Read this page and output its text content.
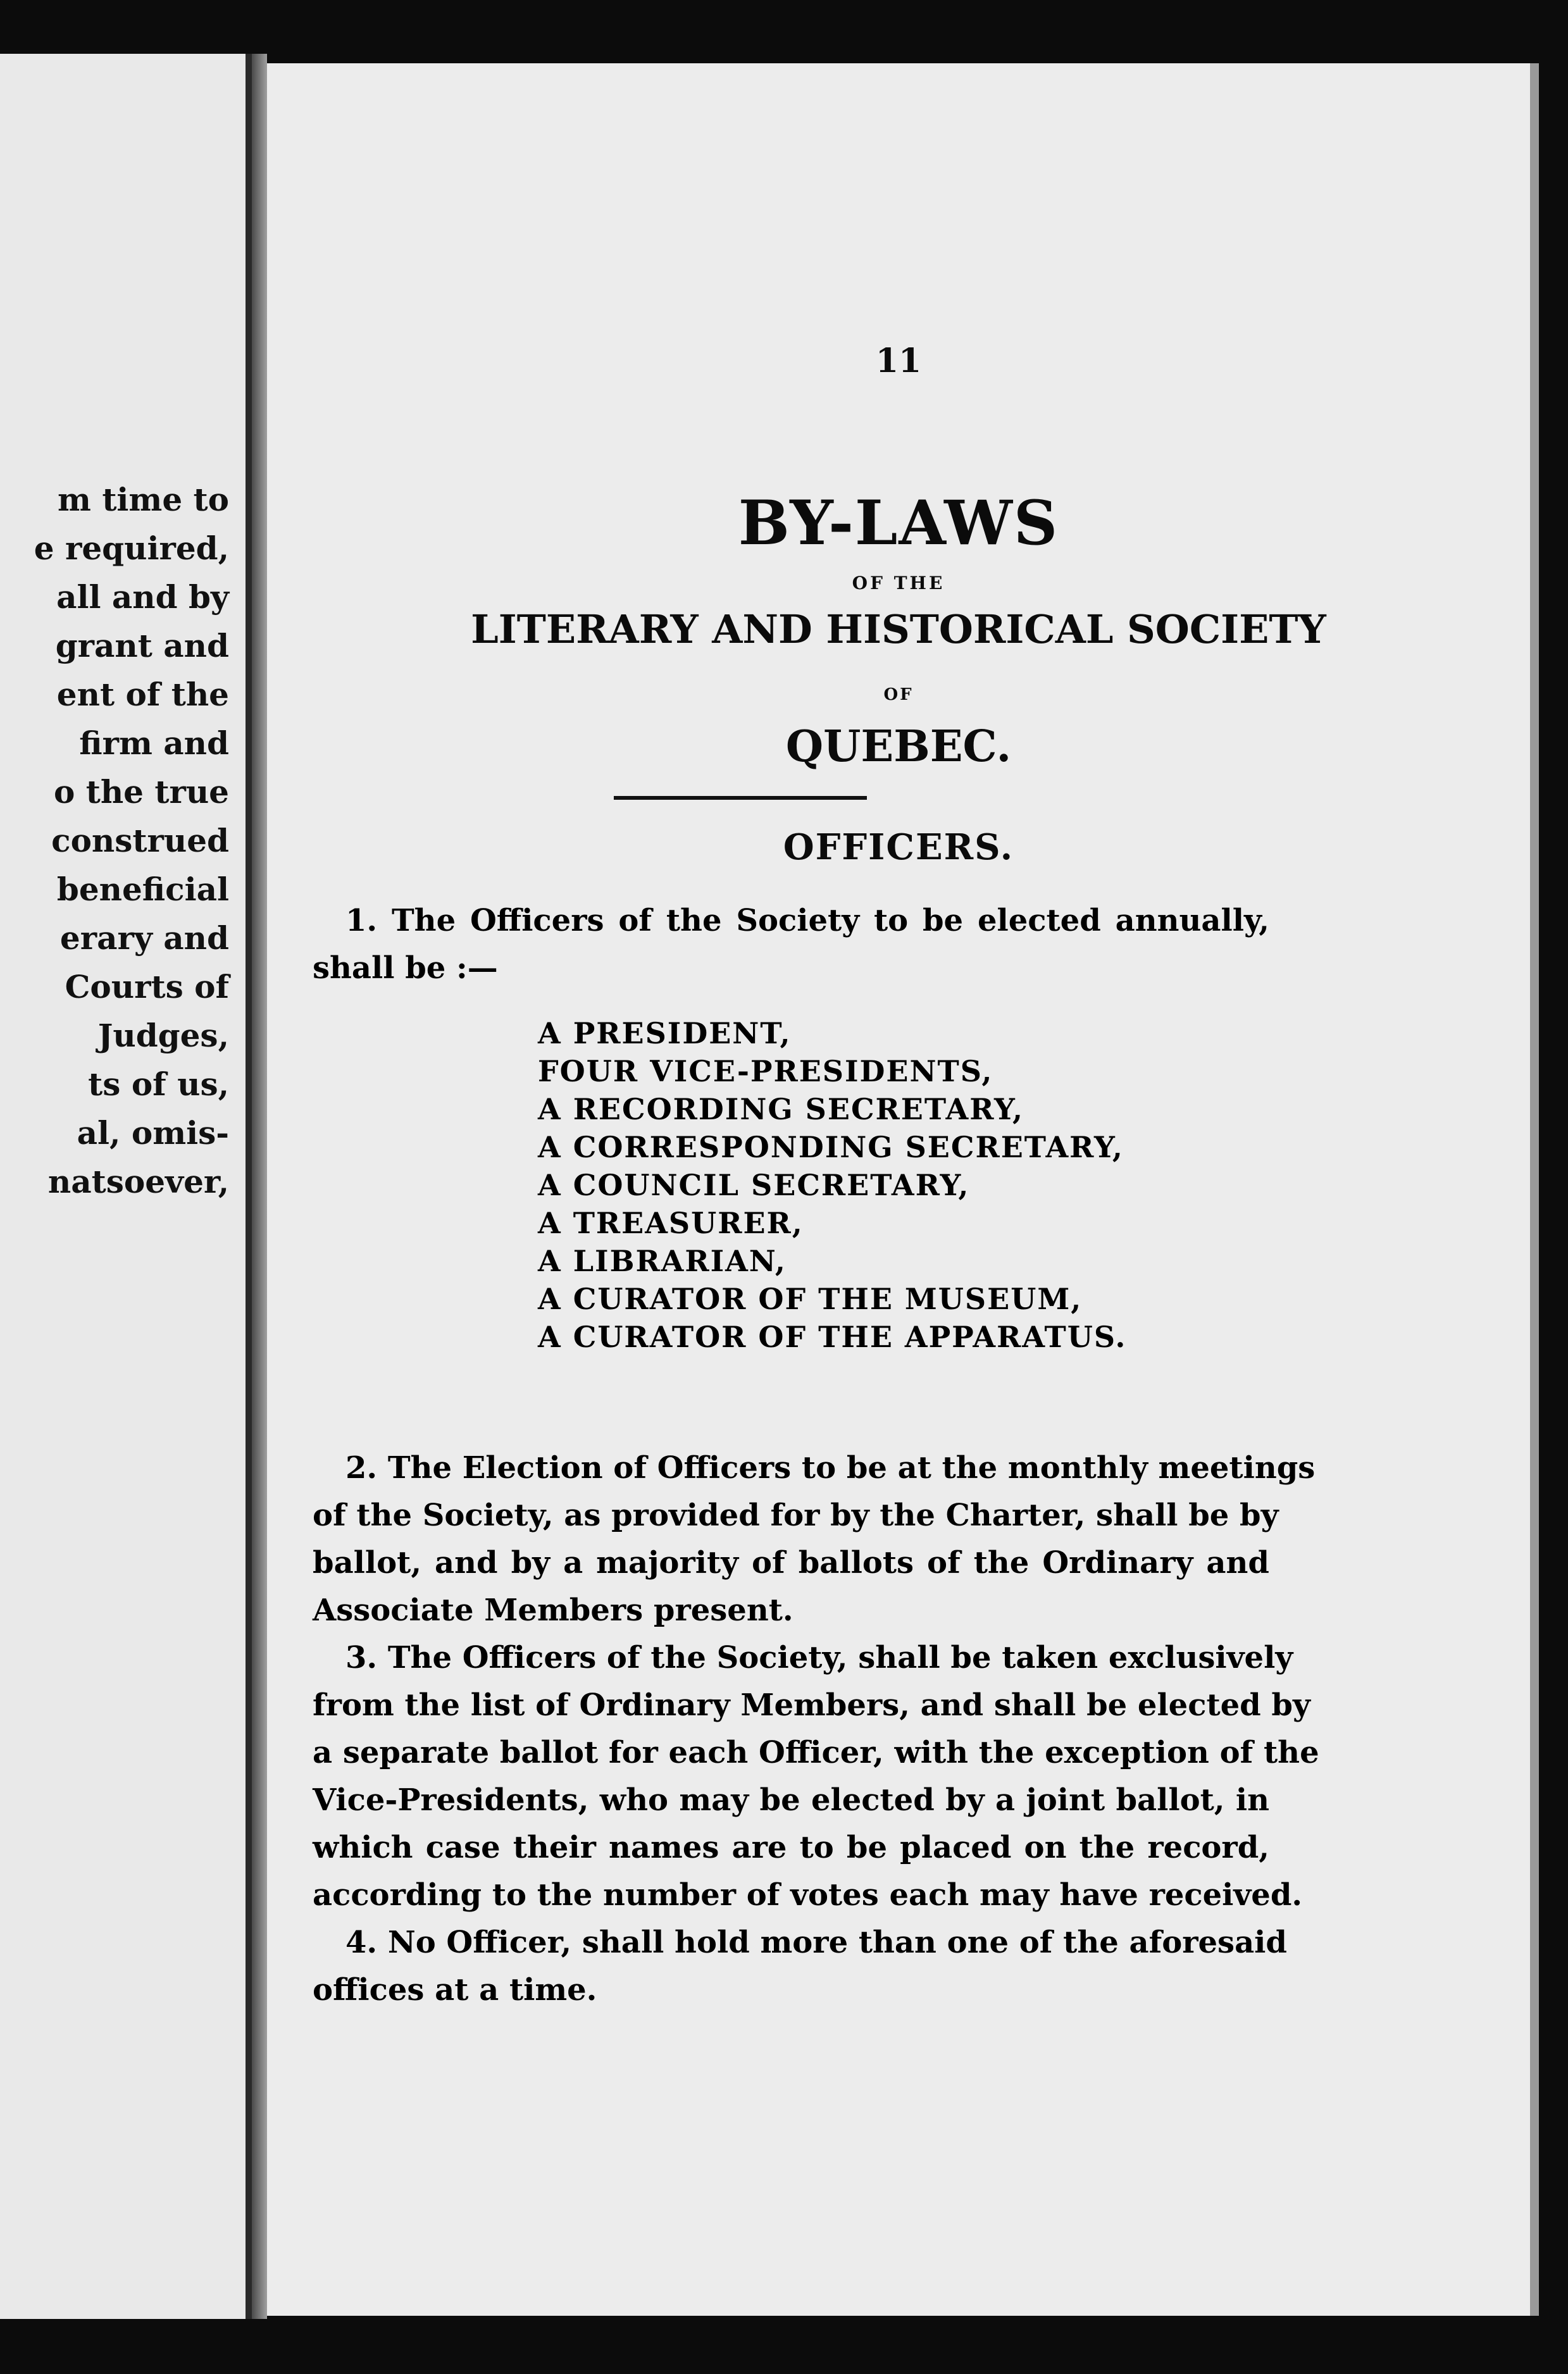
m time to
e required,
all and by
grant and
ent of the
firm and
o the true
construed
beneficial
erary and
Courts of
Judges,
ts of us,
al, omis-
natsoever,
11
BY-LAWS
OF THE
LITERARY AND HISTORICAL SOCIETY
OF
QUEBEC.
OFFICERS.
1. The Officers of the Society to be elected annually,
shall be :—
A PRESIDENT,
FOUR VICE-PRESIDENTS,
A RECORDING SECRETARY,
A CORRESPONDING SECRETARY,
A COUNCIL SECRETARY,
A TREASURER,
A LIBRARIAN,
A CURATOR OF THE MUSEUM,
A CURATOR OF THE APPARATUS.
2. The Election of Officers to be at the monthly meetings
of the Society, as provided for by the Charter, shall be by
ballot, and by a majority of ballots of the Ordinary and
Associate Members present.
3. The Officers of the Society, shall be taken exclusively
from the list of Ordinary Members, and shall be elected by
a separate ballot for each Officer, with the exception of the
Vice-Presidents, who may be elected by a joint ballot, in
which case their names are to be placed on the record,
according to the number of votes each may have received.
4. No Officer, shall hold more than one of the aforesaid
offices at a time.
